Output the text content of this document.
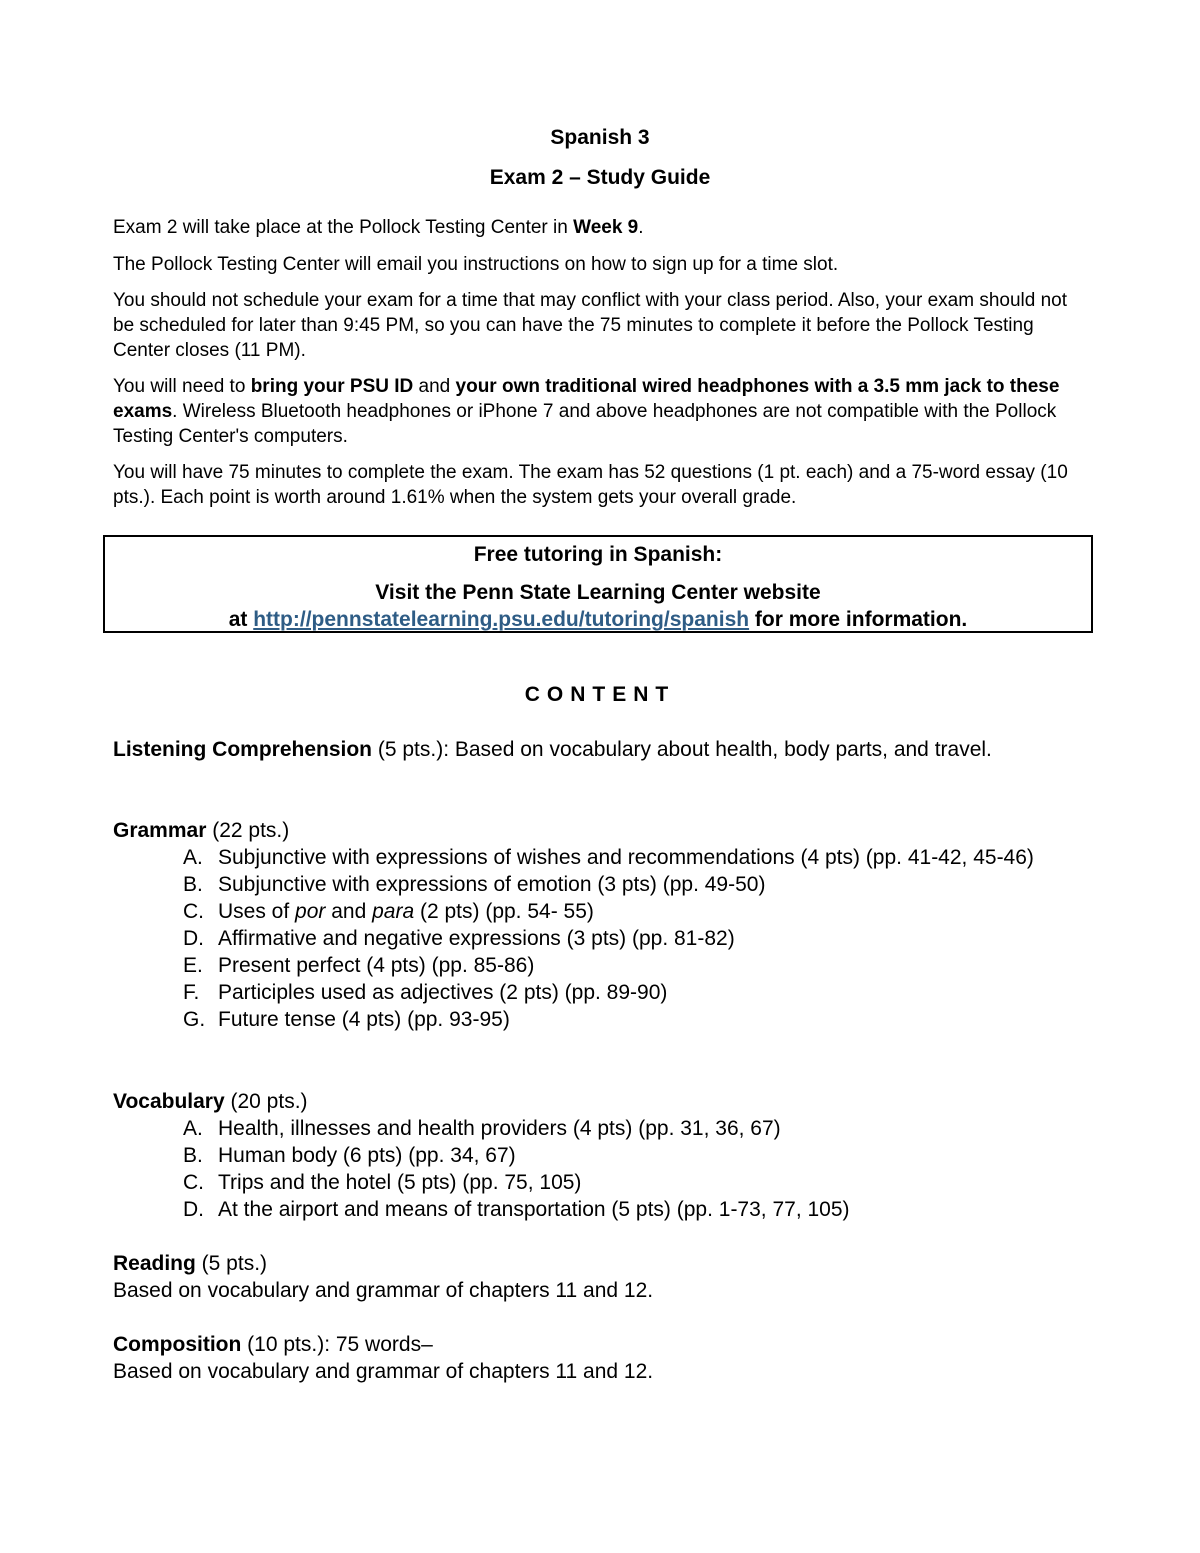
Spanish 3
Exam 2 – Study Guide
Exam 2 will take place at the Pollock Testing Center in Week 9.
The Pollock Testing Center will email you instructions on how to sign up for a time slot.
You should not schedule your exam for a time that may conflict with your class period. Also, your exam should not be scheduled for later than 9:45 PM, so you can have the 75 minutes to complete it before the Pollock Testing Center closes (11 PM).
You will need to bring your PSU ID and your own traditional wired headphones with a 3.5 mm jack to these exams. Wireless Bluetooth headphones or iPhone 7 and above headphones are not compatible with the Pollock Testing Center's computers.
You will have 75 minutes to complete the exam. The exam has 52 questions (1 pt. each) and a 75-word essay (10 pts.). Each point is worth around 1.61% when the system gets your overall grade.
Free tutoring in Spanish:
Visit the Penn State Learning Center website
at http://pennstatelearning.psu.edu/tutoring/spanish for more information.
CONTENT
Listening Comprehension (5 pts.): Based on vocabulary about health, body parts, and travel.
Grammar (22 pts.)
A. Subjunctive with expressions of wishes and recommendations (4 pts) (pp. 41-42, 45-46)
B. Subjunctive with expressions of emotion (3 pts) (pp. 49-50)
C. Uses of por and para (2 pts) (pp. 54- 55)
D. Affirmative and negative expressions (3 pts) (pp. 81-82)
E. Present perfect (4 pts) (pp. 85-86)
F. Participles used as adjectives (2 pts) (pp. 89-90)
G. Future tense (4 pts) (pp. 93-95)
Vocabulary (20 pts.)
A. Health, illnesses and health providers (4 pts) (pp. 31, 36, 67)
B. Human body (6 pts) (pp. 34, 67)
C. Trips and the hotel (5 pts) (pp. 75, 105)
D. At the airport and means of transportation (5 pts) (pp. 1-73, 77, 105)
Reading (5 pts.)
Based on vocabulary and grammar of chapters 11 and 12.
Composition (10 pts.): 75 words–
Based on vocabulary and grammar of chapters 11 and 12.
